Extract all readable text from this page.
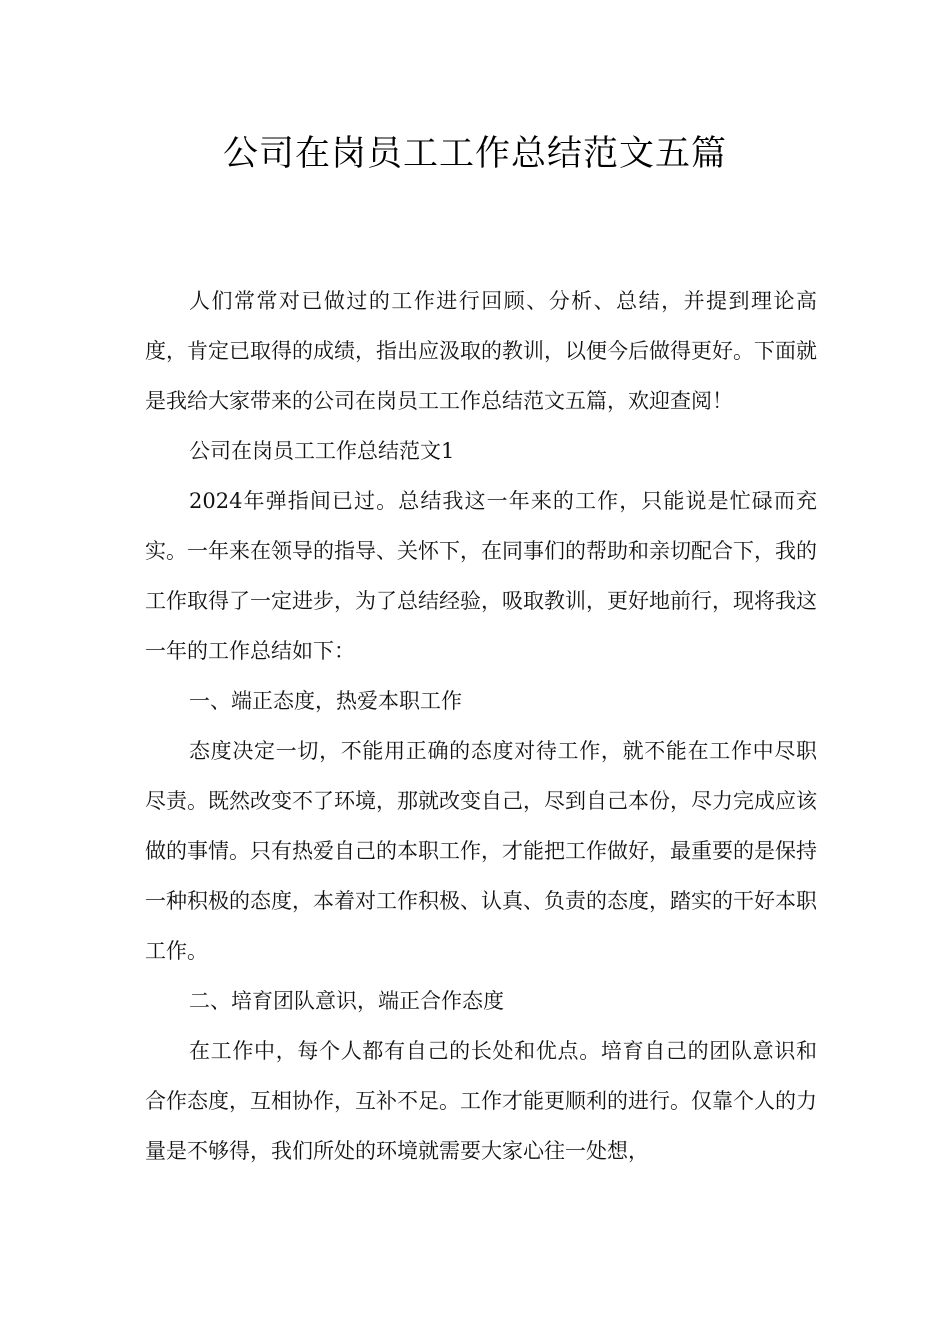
公司在岗员工工作总结范文五篇

人们常常对已做过的工作进行回顾、分析、总结，并提到理论高度，肯定已取得的成绩，指出应汲取的教训，以便今后做得更好。下面就是我给大家带来的公司在岗员工工作总结范文五篇，欢迎查阅！

公司在岗员工工作总结范文1

2024年弹指间已过。总结我这一年来的工作，只能说是忙碌而充实。一年来在领导的指导、关怀下，在同事们的帮助和亲切配合下，我的工作取得了一定进步，为了总结经验，吸取教训，更好地前行，现将我这一年的工作总结如下：

一、端正态度，热爱本职工作

态度决定一切，不能用正确的态度对待工作，就不能在工作中尽职尽责。既然改变不了环境，那就改变自己，尽到自己本份，尽力完成应该做的事情。只有热爱自己的本职工作，才能把工作做好，最重要的是保持一种积极的态度，本着对工作积极、认真、负责的态度，踏实的干好本职工作。

二、培育团队意识，端正合作态度

在工作中，每个人都有自己的长处和优点。培育自己的团队意识和合作态度，互相协作，互补不足。工作才能更顺利的进行。仅靠个人的力量是不够得，我们所处的环境就需要大家心往一处想，
